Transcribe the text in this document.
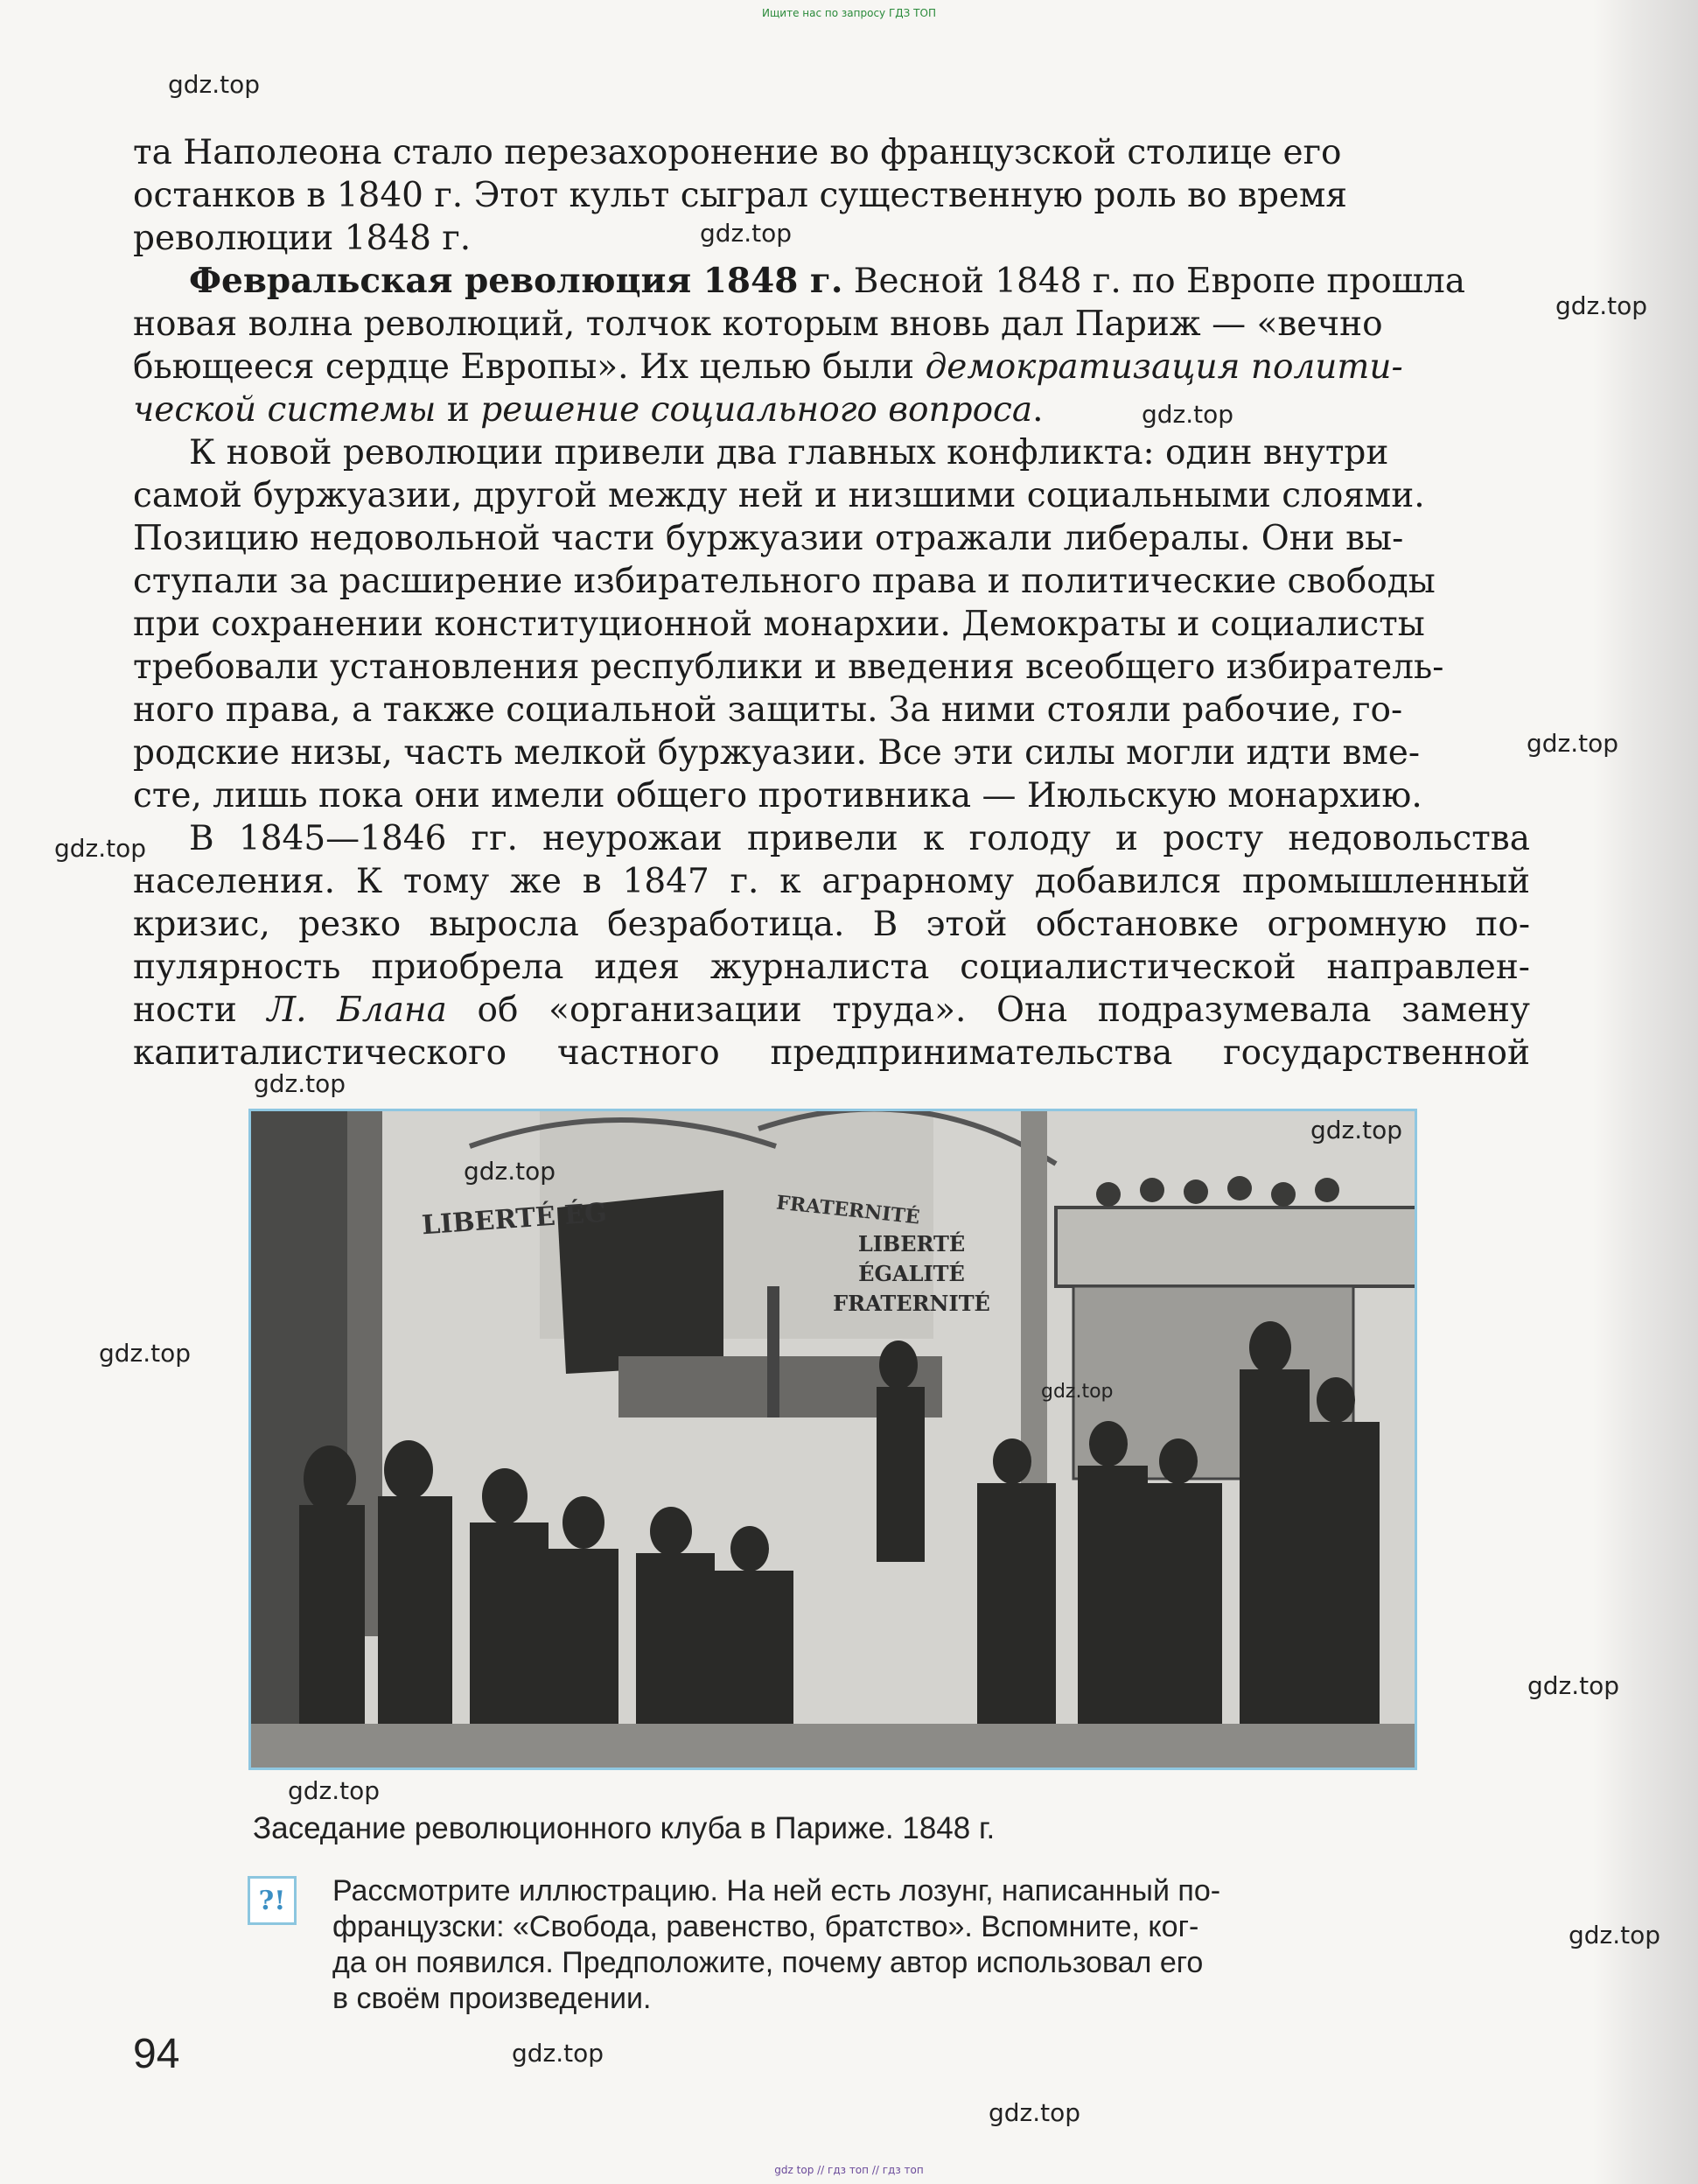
Ищите нас по запросу ГДЗ ТОП
gdz.top
gdz.top
gdz.top
gdz.top
gdz.top
gdz.top
gdz.top
gdz.top
gdz.top
gdz.top
gdz.top
gdz.top
gdz.top

та Наполеона стало перезахоронение во французской столице его
останков в 1840 г. Этот культ сыграл существенную роль во время
революции 1848 г.

Февральская революция 1848 г. Весной 1848 г. по Европе прошла
новая волна революций, толчок которым вновь дал Париж — «вечно
бьющееся сердце Европы». Их целью были демократизация полити-
ческой системы и решение социального вопроса.

К новой революции привели два главных конфликта: один внутри
самой буржуазии, другой между ней и низшими социальными слоями.
Позицию недовольной части буржуазии отражали либералы. Они вы-
ступали за расширение избирательного права и политические свободы
при сохранении конституционной монархии. Демократы и социалисты
требовали установления республики и введения всеобщего избиратель-
ного права, а также социальной защиты. За ними стояли рабочие, го-
родские низы, часть мелкой буржуазии. Все эти силы могли идти вме-
сте, лишь пока они имели общего противника — Июльскую монархию.

В 1845—1846 гг. неурожаи привели к голоду и росту недовольства
населения. К тому же в 1847 г. к аграрному добавился промышленный
кризис, резко выросла безработица. В этой обстановке огромную по-
пулярность приобрела идея журналиста социалистической направлен-
ности Л. Блана об «организации труда». Она подразумевала замену
капиталистического частного предпринимательства государственной

LIBERTÉ ÉG	FRATERNITÉ
LIBERTÉ
ÉGALITÉ
FRATERNITÉ
gdz.top
gdz.top
gdz.top
Заседание революционного клуба в Париже. 1848 г.
?!	Рассмотрите иллюстрацию. На ней есть лозунг, написанный по-
французски: «Свобода, равенство, братство». Вспомните, ког-
да он появился. Предположите, почему автор использовал его
в своём произведении.
94
gdz top // гдз топ // гдз топ
